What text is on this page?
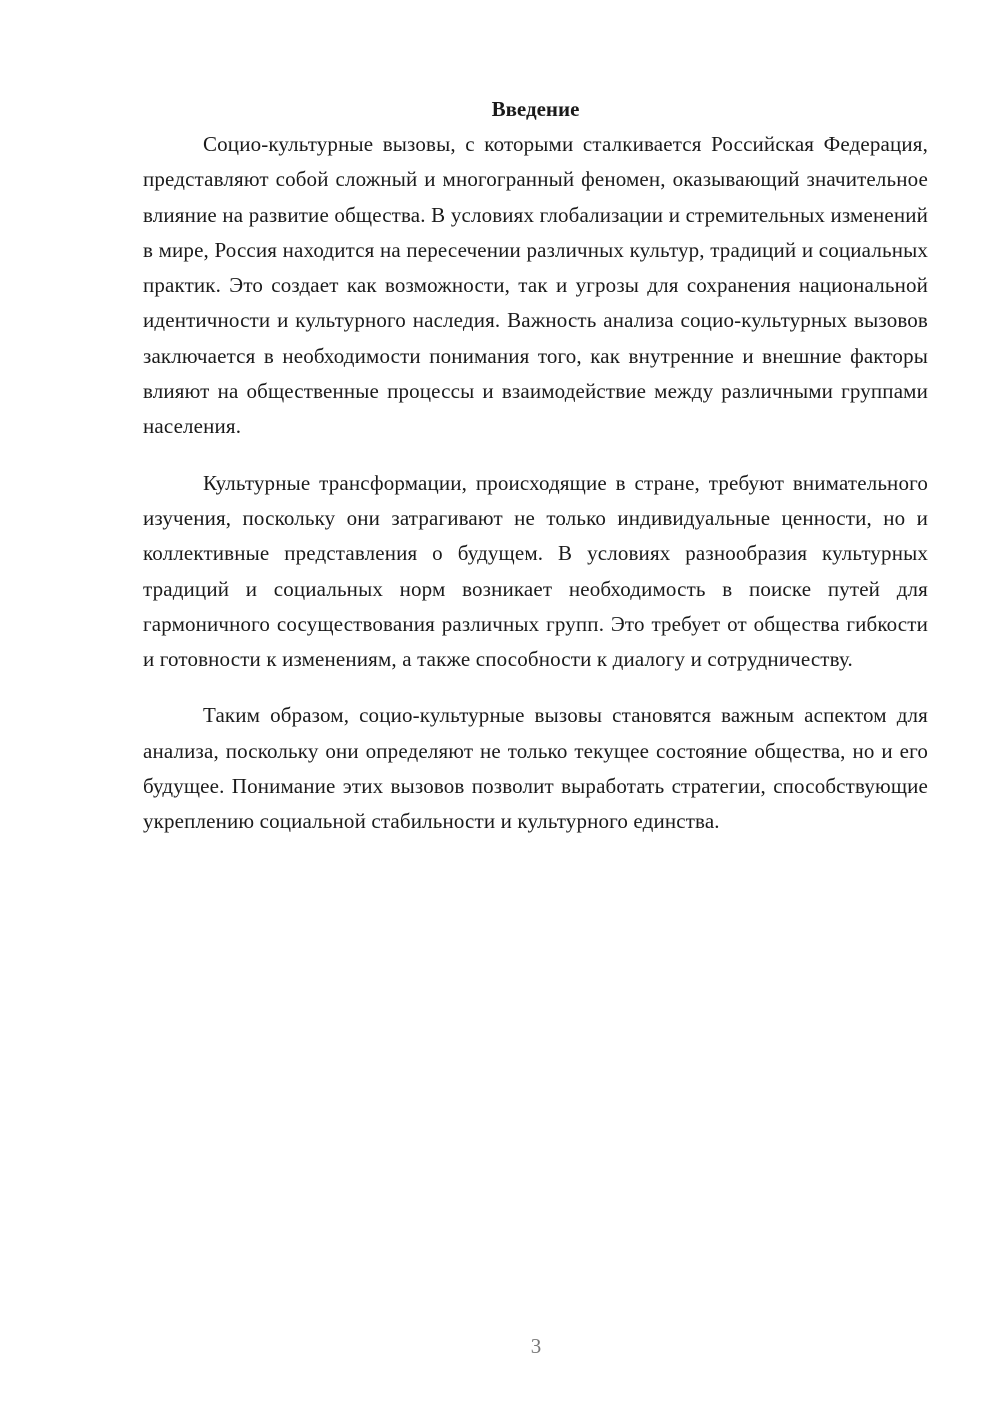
Введение

Социо-культурные вызовы, с которыми сталкивается Российская Федерация, представляют собой сложный и многогранный феномен, оказывающий значительное влияние на развитие общества. В условиях глобализации и стремительных изменений в мире, Россия находится на пересечении различных культур, традиций и социальных практик. Это создает как возможности, так и угрозы для сохранения национальной идентичности и культурного наследия. Важность анализа социо-культурных вызовов заключается в необходимости понимания того, как внутренние и внешние факторы влияют на общественные процессы и взаимодействие между различными группами населения.

Культурные трансформации, происходящие в стране, требуют внимательного изучения, поскольку они затрагивают не только индивидуальные ценности, но и коллективные представления о будущем. В условиях разнообразия культурных традиций и социальных норм возникает необходимость в поиске путей для гармоничного сосуществования различных групп. Это требует от общества гибкости и готовности к изменениям, а также способности к диалогу и сотрудничеству.

Таким образом, социо-культурные вызовы становятся важным аспектом для анализа, поскольку они определяют не только текущее состояние общества, но и его будущее. Понимание этих вызовов позволит выработать стратегии, способствующие укреплению социальной стабильности и культурного единства.

3
